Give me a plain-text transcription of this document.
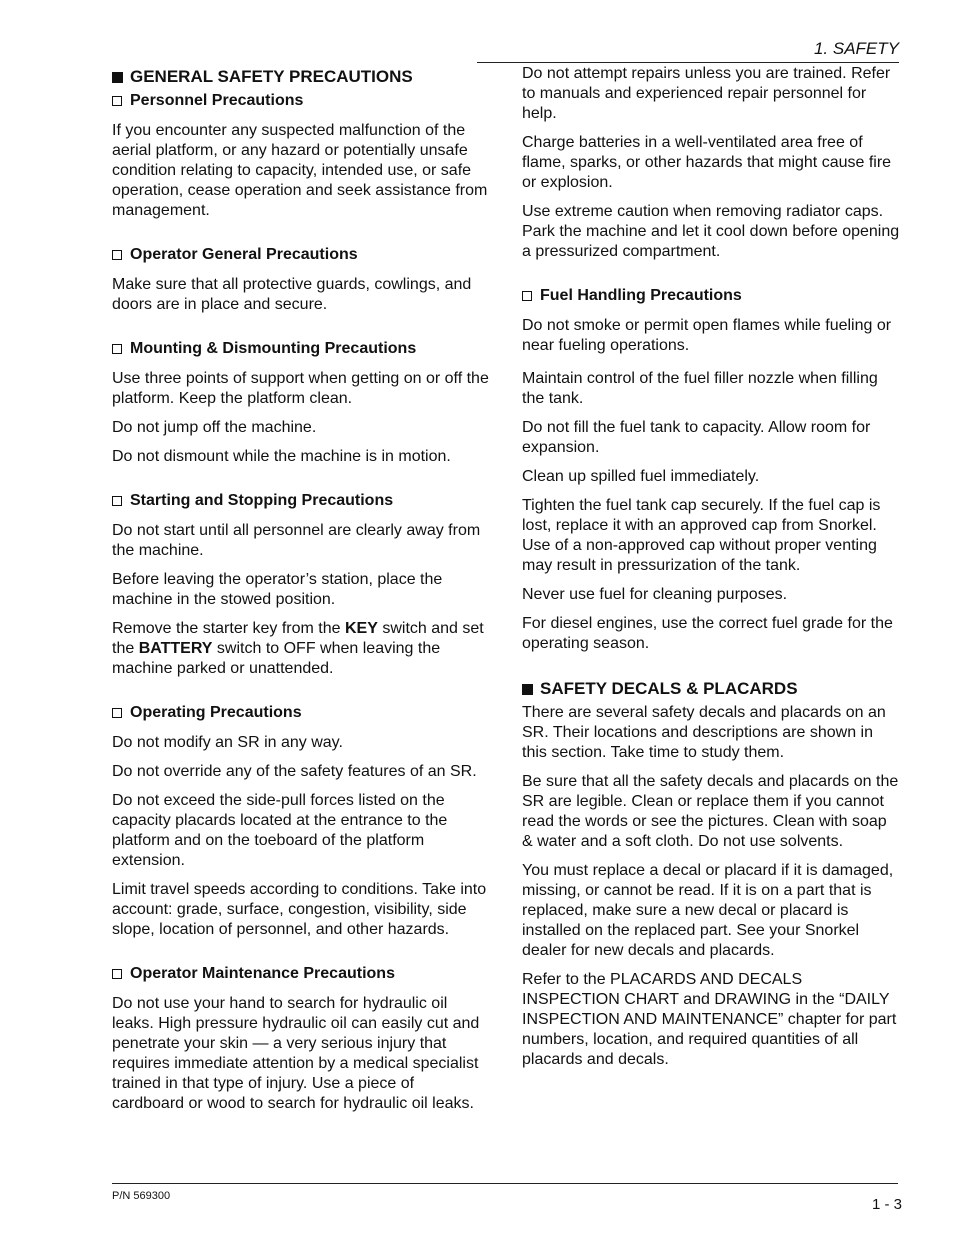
1. SAFETY
GENERAL SAFETY PRECAUTIONS
Personnel Precautions

If you encounter any suspected malfunction of the aerial platform, or any hazard or potentially unsafe condition relating to capacity, intended use, or safe operation, cease operation and seek assistance from management.

Operator General Precautions

Make sure that all protective guards, cowlings, and doors are in place and secure.

Mounting & Dismounting Precautions

Use three points of support when getting on or off the platform. Keep the platform clean.

Do not jump off the machine.

Do not dismount while the machine is in motion.

Starting and Stopping Precautions

Do not start until all personnel are clearly away from the machine.

Before leaving the operator’s station, place the machine in the stowed position.

Remove the starter key from the KEY switch and set the BATTERY switch to OFF when leaving the machine parked or unattended.

Operating Precautions

Do not modify an SR in any way.

Do not override any of the safety features of an SR.

Do not exceed the side-pull forces listed on the capacity placards located at the entrance to the platform and on the toeboard of the platform extension.

Limit travel speeds according to conditions. Take into account: grade, surface, congestion, visibility, side slope, location of personnel, and other hazards.

Operator Maintenance Precautions

Do not use your hand to search for hydraulic oil leaks. High pressure hydraulic oil can easily cut and penetrate your skin — a very serious injury that requires immediate attention by a medical specialist trained in that type of injury. Use a piece of cardboard or wood to search for hydraulic oil leaks.

Do not attempt repairs unless you are trained. Refer to manuals and experienced repair personnel for help.

Charge batteries in a well-ventilated area free of flame, sparks, or other hazards that might cause fire or explosion.

Use extreme caution when removing radiator caps. Park the machine and let it cool down before opening a pressurized compartment.

Fuel Handling Precautions

Do not smoke or permit open flames while fueling or near fueling operations.

Maintain control of the fuel filler nozzle when filling the tank.

Do not fill the fuel tank to capacity. Allow room for expansion.

Clean up spilled fuel immediately.

Tighten the fuel tank cap securely. If the fuel cap is lost, replace it with an approved cap from Snorkel. Use of a non-approved cap without proper venting may result in pressurization of the tank.

Never use fuel for cleaning purposes.

For diesel engines, use the correct fuel grade for the operating season.

SAFETY DECALS & PLACARDS

There are several safety decals and placards on an SR. Their locations and descriptions are shown in this section. Take time to study them.

Be sure that all the safety decals and placards on the SR are legible. Clean or replace them if you cannot read the words or see the pictures. Clean with soap & water and a soft cloth. Do not use solvents.

You must replace a decal or placard if it is damaged, missing, or cannot be read. If it is on a part that is replaced, make sure a new decal or placard is installed on the replaced part. See your Snorkel dealer for new decals and placards.

Refer to the PLACARDS AND DECALS INSPECTION CHART and DRAWING in the “DAILY INSPECTION AND MAINTENANCE” chapter for part numbers, location, and required quantities of all placards and decals.

P/N 569300	1 - 3
